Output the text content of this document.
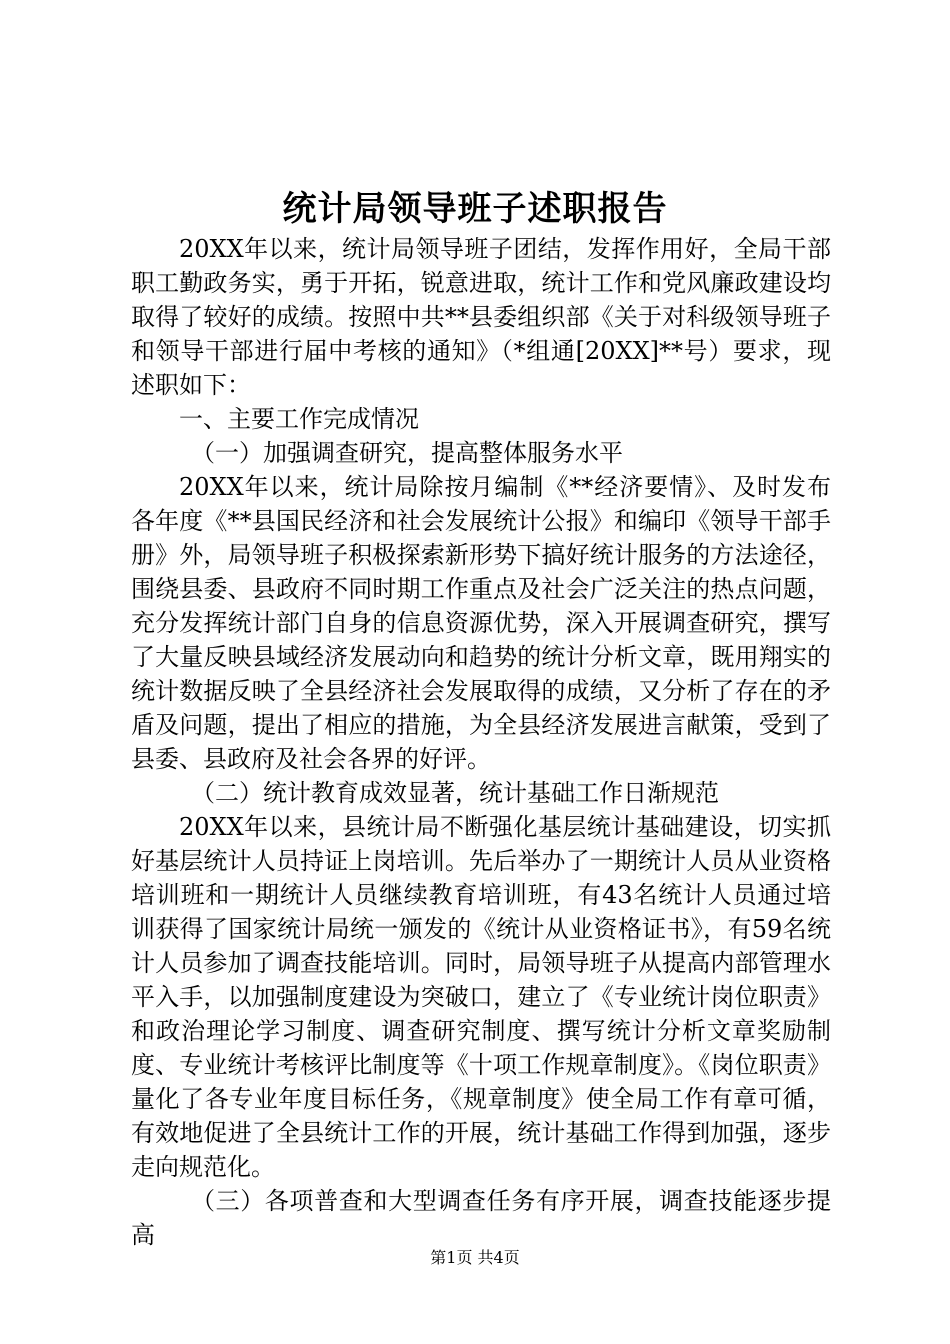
统计局领导班子述职报告

20XX年以来，统计局领导班子团结，发挥作用好，全局干部职工勤政务实，勇于开拓，锐意进取，统计工作和党风廉政建设均取得了较好的成绩。按照中共**县委组织部《关于对科级领导班子和领导干部进行届中考核的通知》（*组通[20XX]**号）要求，现述职如下：

一、主要工作完成情况

（一）加强调查研究，提高整体服务水平

20XX年以来，统计局除按月编制《**经济要情》、及时发布各年度《**县国民经济和社会发展统计公报》和编印《领导干部手册》外，局领导班子积极探索新形势下搞好统计服务的方法途径，围绕县委、县政府不同时期工作重点及社会广泛关注的热点问题，充分发挥统计部门自身的信息资源优势，深入开展调查研究，撰写了大量反映县域经济发展动向和趋势的统计分析文章，既用翔实的统计数据反映了全县经济社会发展取得的成绩，又分析了存在的矛盾及问题，提出了相应的措施，为全县经济发展进言献策，受到了县委、县政府及社会各界的好评。

（二）统计教育成效显著，统计基础工作日渐规范

20XX年以来，县统计局不断强化基层统计基础建设，切实抓好基层统计人员持证上岗培训。先后举办了一期统计人员从业资格培训班和一期统计人员继续教育培训班，有43名统计人员通过培训获得了国家统计局统一颁发的《统计从业资格证书》，有59名统计人员参加了调查技能培训。同时，局领导班子从提高内部管理水平入手，以加强制度建设为突破口，建立了《专业统计岗位职责》和政治理论学习制度、调查研究制度、撰写统计分析文章奖励制度、专业统计考核评比制度等《十项工作规章制度》。《岗位职责》量化了各专业年度目标任务，《规章制度》使全局工作有章可循，有效地促进了全县统计工作的开展，统计基础工作得到加强，逐步走向规范化。

（三）各项普查和大型调查任务有序开展，调查技能逐步提高

第1页 共4页
